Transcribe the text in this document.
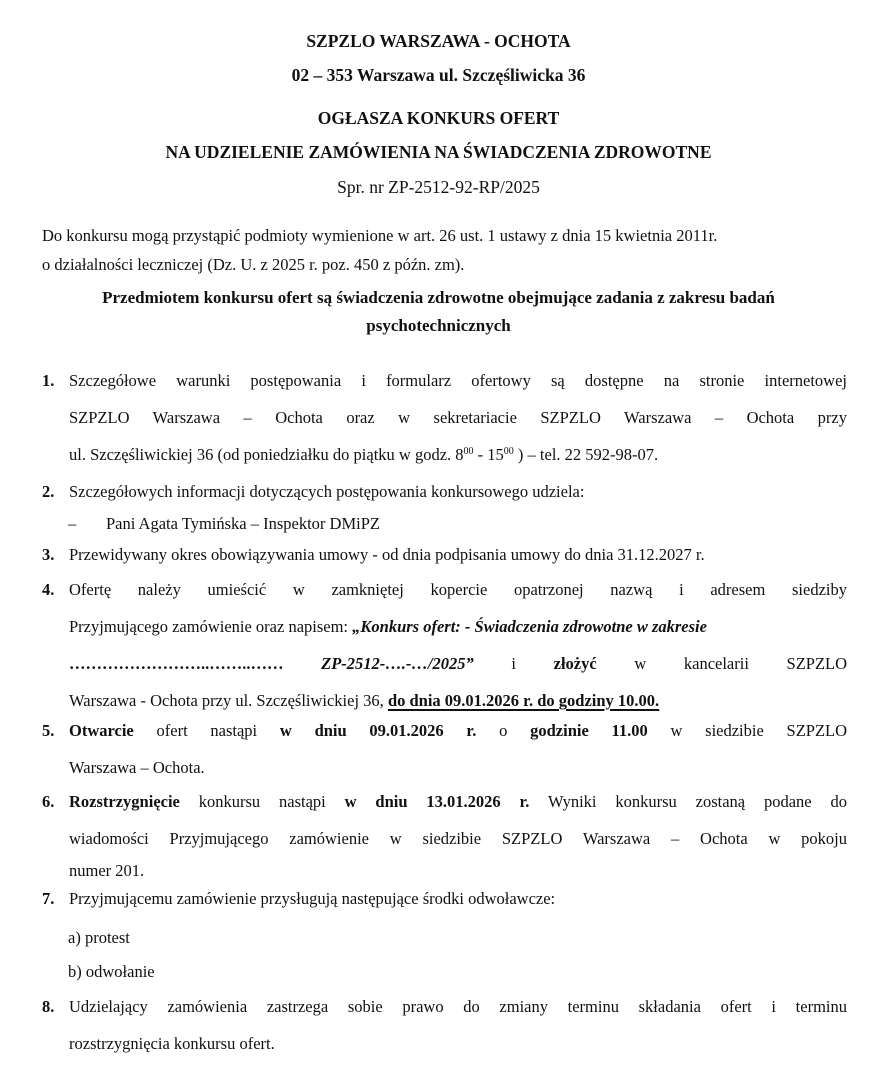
SZPZLO WARSZAWA - OCHOTA
02 – 353 Warszawa ul. Szczęśliwicka 36
OGŁASZA KONKURS OFERT
NA UDZIELENIE ZAMÓWIENIA NA ŚWIADCZENIA ZDROWOTNE
Spr. nr ZP-2512-92-RP/2025
Do konkursu mogą przystąpić podmioty wymienione w art. 26 ust. 1 ustawy z dnia 15 kwietnia 2011r.
o działalności leczniczej (Dz. U. z 2025 r. poz. 450 z późn. zm).
Przedmiotem konkursu ofert są świadczenia zdrowotne obejmujące zadania z zakresu badań
psychotechnicznych
1. Szczegółowe warunki postępowania i formularz ofertowy są dostępne na stronie internetowej
SZPZLO Warszawa – Ochota oraz w sekretariacie SZPZLO Warszawa – Ochota przy
ul. Szczęśliwickiej 36 (od poniedziałku do piątku w godz. $8^{00} - 15^{00}$ ) – tel. 22 592-98-07.
2. Szczegółowych informacji dotyczących postępowania konkursowego udziela:
– Pani Agata Tymińska – Inspektor DMiPZ
3. Przewidywany okres obowiązywania umowy - od dnia podpisania umowy do dnia 31.12.2027 r.
4. Ofertę należy umieścić w zamkniętej kopercie opatrzonej nazwą i adresem siedziby
Przyjmującego zamówienie oraz napisem: „Konkurs ofert: - Świadczenia zdrowotne w zakresie
……………………..……..…… ZP-2512-….-…/2025” i złożyć w kancelarii SZPZLO
Warszawa - Ochota przy ul. Szczęśliwickiej 36, do dnia 09.01.2026 r. do godziny 10.00.
5. Otwarcie ofert nastąpi w dniu 09.01.2026 r. o godzinie 11.00 w siedzibie SZPZLO
Warszawa – Ochota.
6. Rozstrzygnięcie konkursu nastąpi w dniu 13.01.2026 r. Wyniki konkursu zostaną podane do
wiadomości Przyjmującego zamówienie w siedzibie SZPZLO Warszawa – Ochota w pokoju
numer 201.
7. Przyjmującemu zamówienie przysługują następujące środki odwoławcze:
a) protest
b) odwołanie
8. Udzielający zamówienia zastrzega sobie prawo do zmiany terminu składania ofert i terminu
rozstrzygnięcia konkursu ofert.
